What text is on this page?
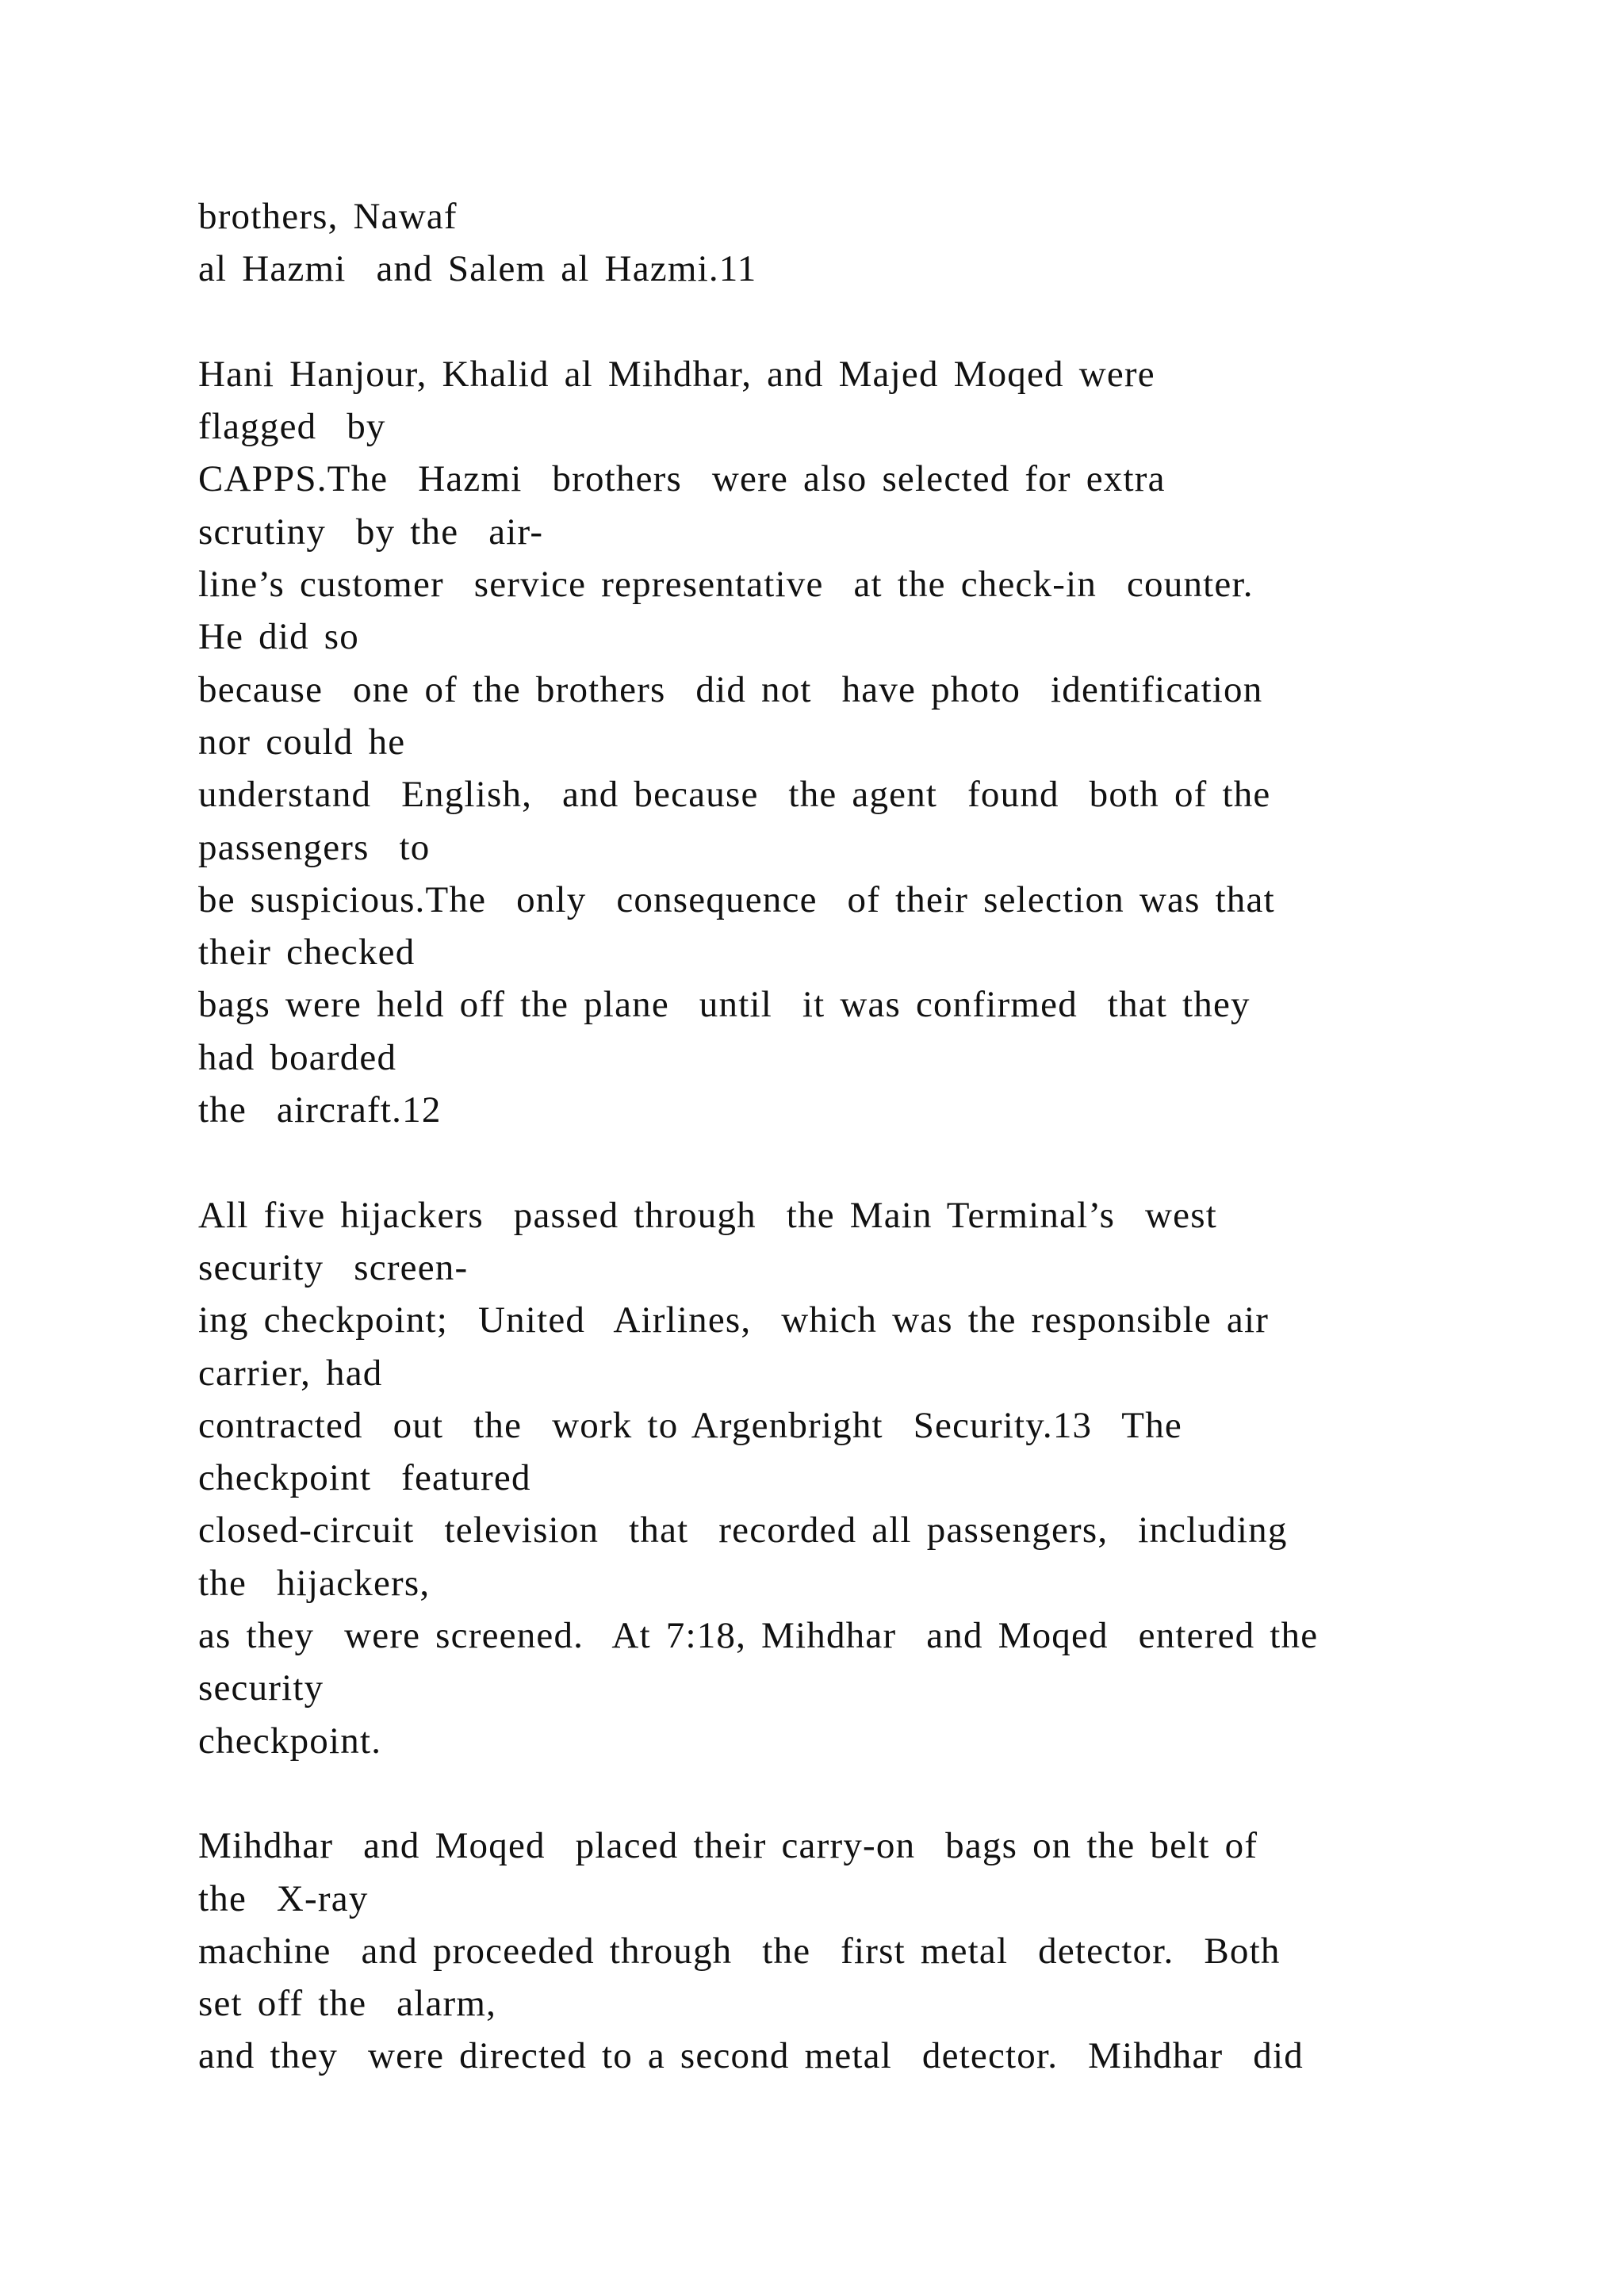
brothers, Nawaf
al Hazmi  and Salem al Hazmi.11
Hani Hanjour, Khalid al Mihdhar, and Majed Moqed were
flagged  by
CAPPS.The  Hazmi  brothers  were also selected for extra
scrutiny  by the  air-
line’s customer  service representative  at the check-in  counter.
He did so
because  one of the brothers  did not  have photo  identification
nor could he
understand  English,  and because  the agent  found  both of the
passengers  to
be suspicious.The  only  consequence  of their selection was that
their checked
bags were held off the plane  until  it was confirmed  that they
had boarded
the  aircraft.12
All five hijackers  passed through  the Main Terminal’s  west
security  screen-
ing checkpoint;  United  Airlines,  which was the responsible air
carrier, had
contracted  out  the  work to Argenbright  Security.13  The
checkpoint  featured
closed-circuit  television  that  recorded all passengers,  including
the  hijackers,
as they  were screened.  At 7:18, Mihdhar  and Moqed  entered the
security
checkpoint.
Mihdhar  and Moqed  placed their carry-on  bags on the belt of
the  X-ray
machine  and proceeded through  the  first metal  detector.  Both
set off the  alarm,
and they  were directed to a second metal  detector.  Mihdhar  did
